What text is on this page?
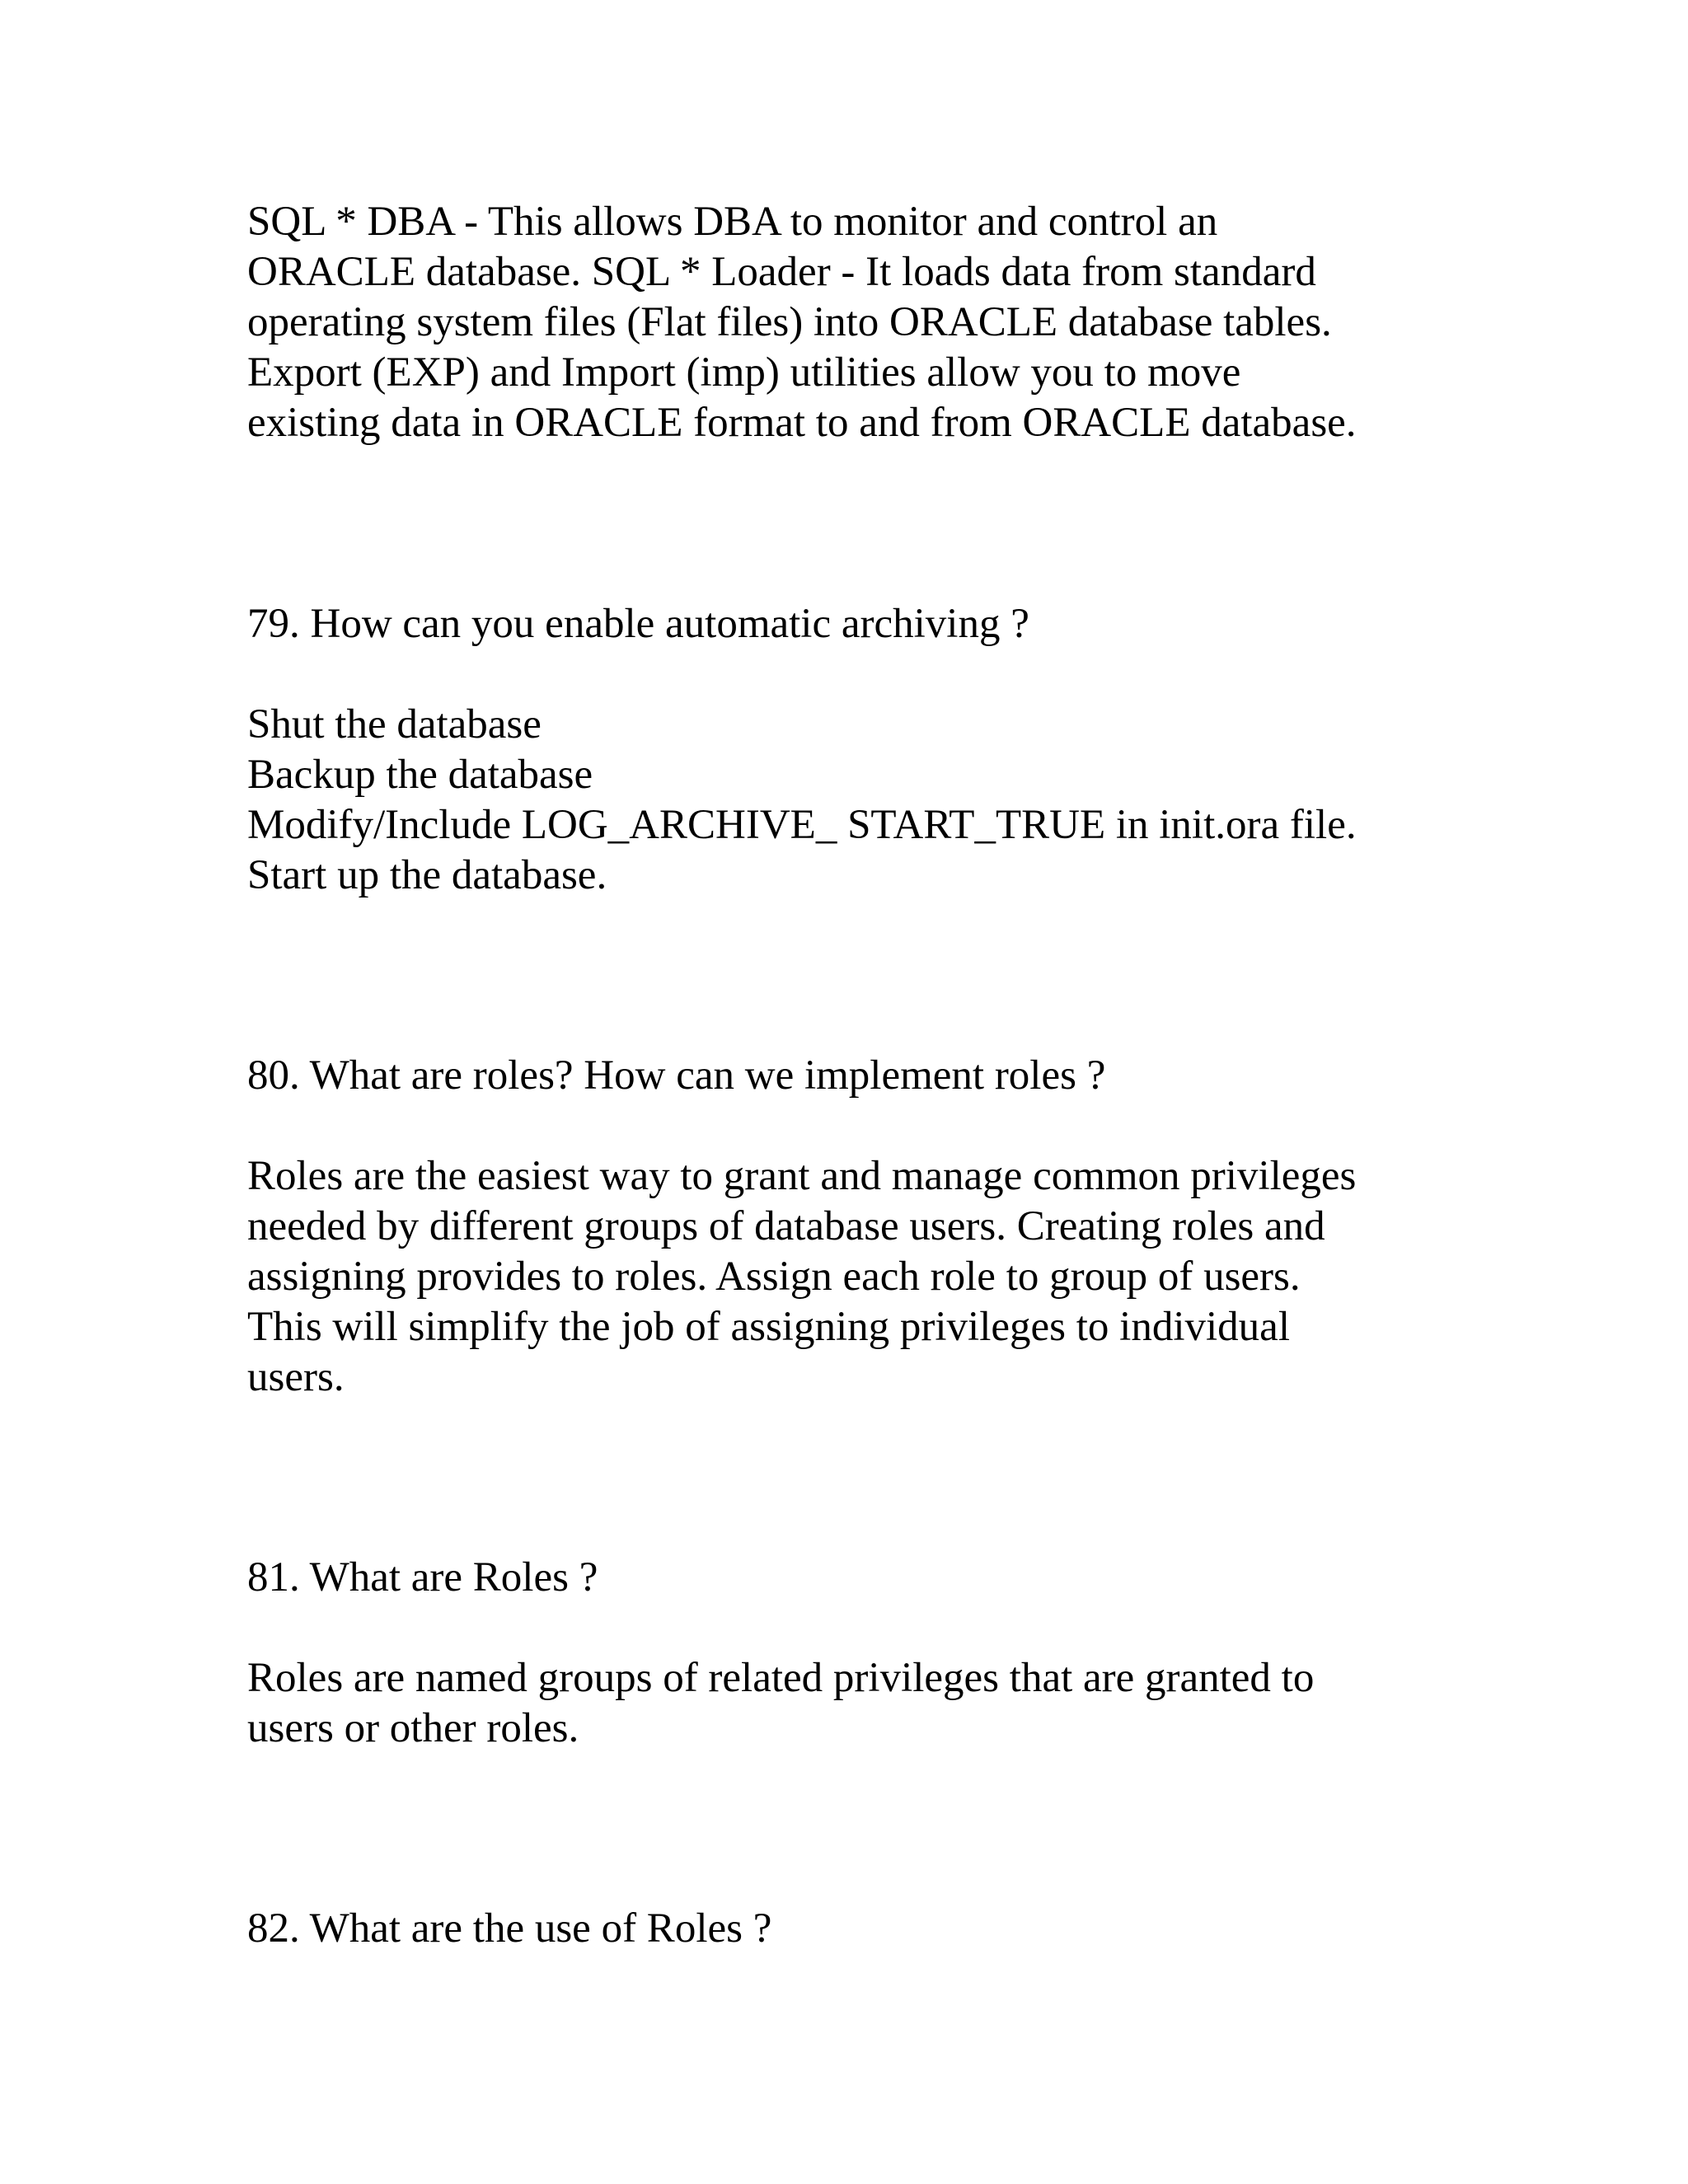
SQL * DBA - This allows DBA to monitor and control an

ORACLE database. SQL * Loader - It loads data from standard

operating system files (Flat files) into ORACLE database tables.

Export (EXP) and Import (imp) utilities allow you to move

existing data in ORACLE format to and from ORACLE database.

79. How can you enable automatic archiving ?

Shut the database

Backup the database

Modify/Include LOG_ARCHIVE_ START_TRUE in init.ora file.

Start up the database.

80. What are roles? How can we implement roles ?

Roles are the easiest way to grant and manage common privileges

needed by different groups of database users. Creating roles and

assigning provides to roles. Assign each role to group of users.

This will simplify the job of assigning privileges to individual

users.

81. What are Roles ?

Roles are named groups of related privileges that are granted to

users or other roles.

82. What are the use of Roles ?
